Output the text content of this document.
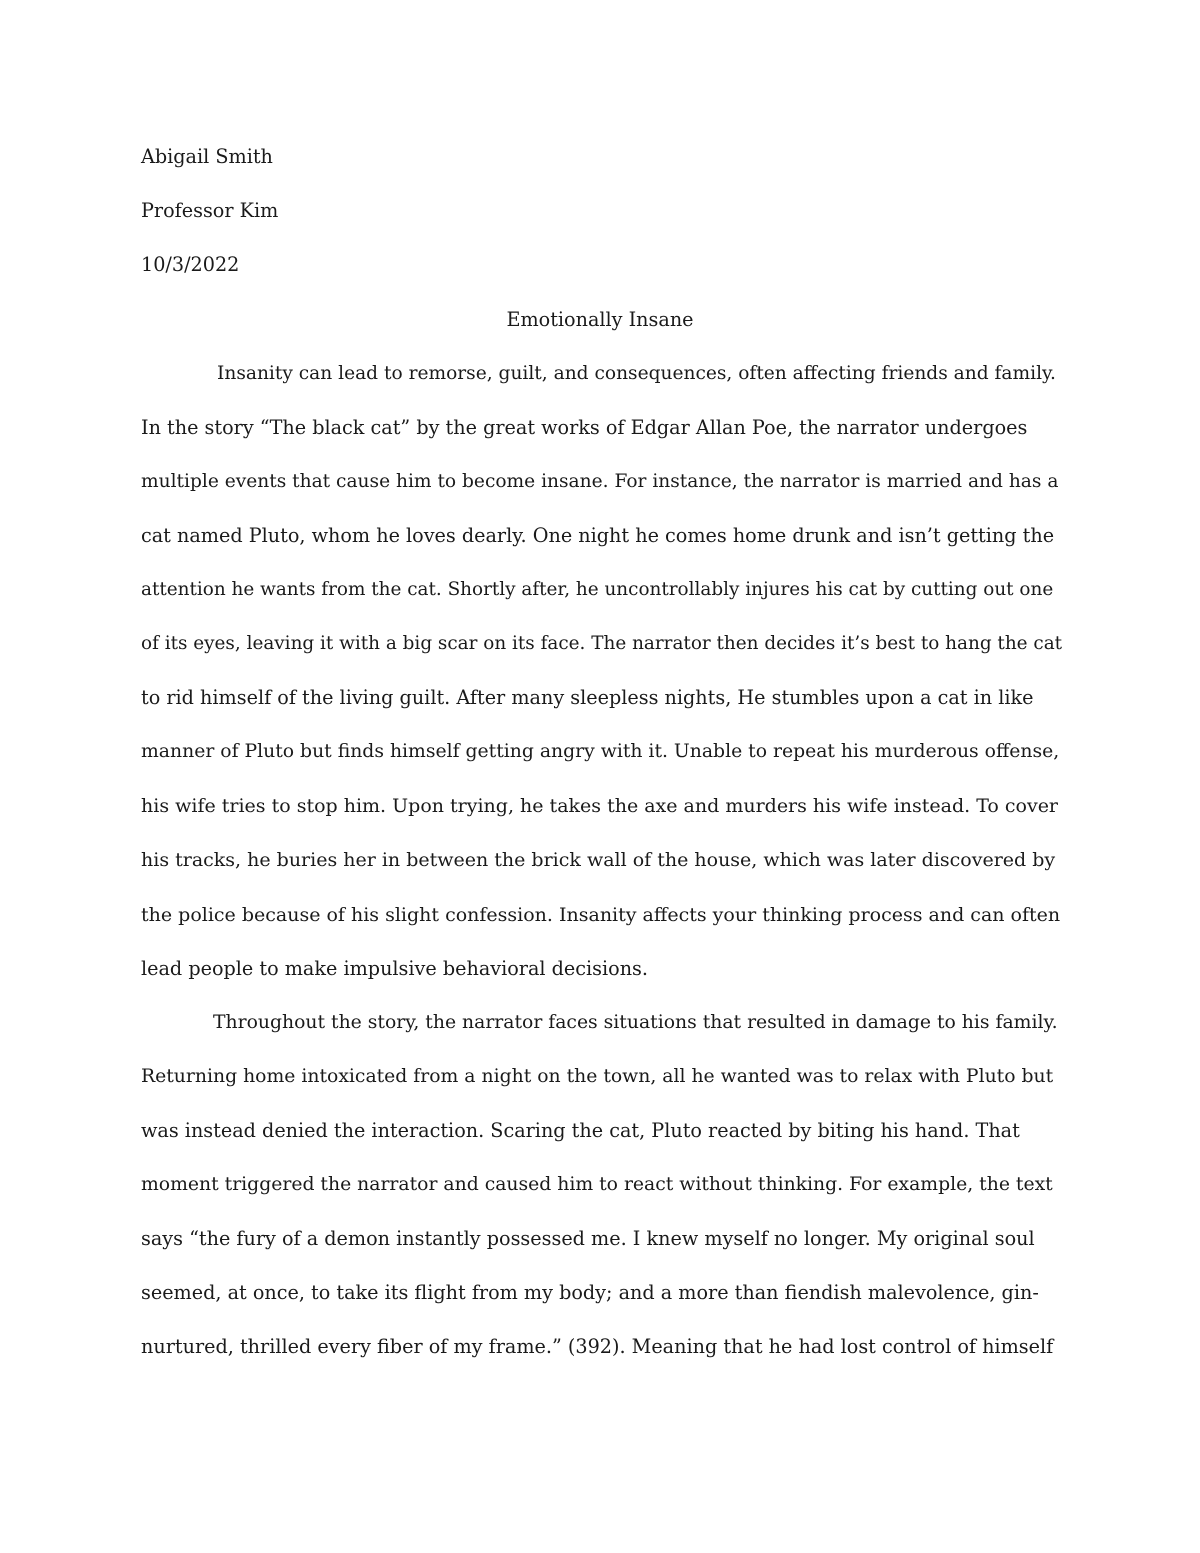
Abigail Smith
Professor Kim
10/3/2022
Emotionally Insane
Insanity can lead to remorse, guilt, and consequences, often affecting friends and family.
In the story “The black cat” by the great works of Edgar Allan Poe, the narrator undergoes
multiple events that cause him to become insane. For instance, the narrator is married and has a
cat named Pluto, whom he loves dearly. One night he comes home drunk and isn’t getting the
attention he wants from the cat. Shortly after, he uncontrollably injures his cat by cutting out one
of its eyes, leaving it with a big scar on its face. The narrator then decides it’s best to hang the cat
to rid himself of the living guilt. After many sleepless nights, He stumbles upon a cat in like
manner of Pluto but finds himself getting angry with it. Unable to repeat his murderous offense,
his wife tries to stop him. Upon trying, he takes the axe and murders his wife instead. To cover
his tracks, he buries her in between the brick wall of the house, which was later discovered by
the police because of his slight confession. Insanity affects your thinking process and can often
lead people to make impulsive behavioral decisions.
Throughout the story, the narrator faces situations that resulted in damage to his family.
Returning home intoxicated from a night on the town, all he wanted was to relax with Pluto but
was instead denied the interaction. Scaring the cat, Pluto reacted by biting his hand. That
moment triggered the narrator and caused him to react without thinking. For example, the text
says “the fury of a demon instantly possessed me. I knew myself no longer. My original soul
seemed, at once, to take its flight from my body; and a more than fiendish malevolence, gin-
nurtured, thrilled every fiber of my frame.” (392). Meaning that he had lost control of himself
